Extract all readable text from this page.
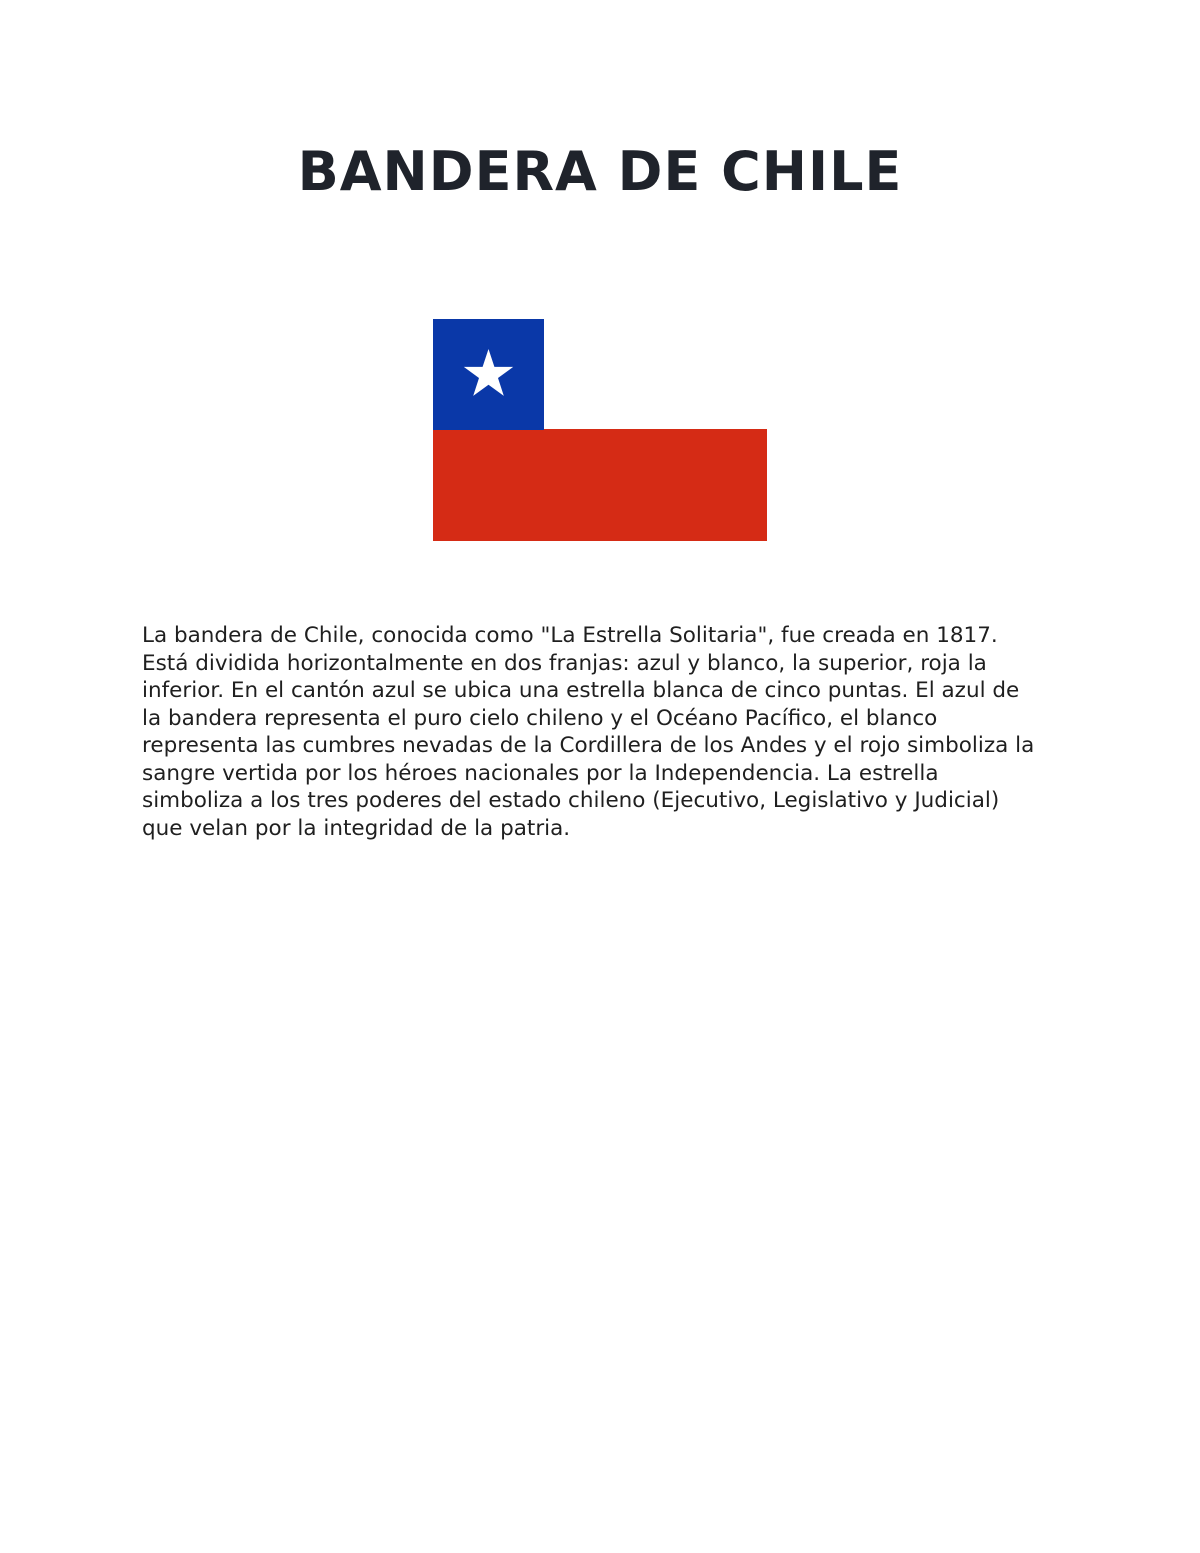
BANDERA DE CHILE

La bandera de Chile, conocida como "La Estrella Solitaria", fue creada en 1817. Está dividida horizontalmente en dos franjas: azul y blanco, la superior, roja la inferior. En el cantón azul se ubica una estrella blanca de cinco puntas. El azul de la bandera representa el puro cielo chileno y el Océano Pacífico, el blanco representa las cumbres nevadas de la Cordillera de los Andes y el rojo simboliza la sangre vertida por los héroes nacionales por la Independencia. La estrella simboliza a los tres poderes del estado chileno (Ejecutivo, Legislativo y Judicial) que velan por la integridad de la patria.
